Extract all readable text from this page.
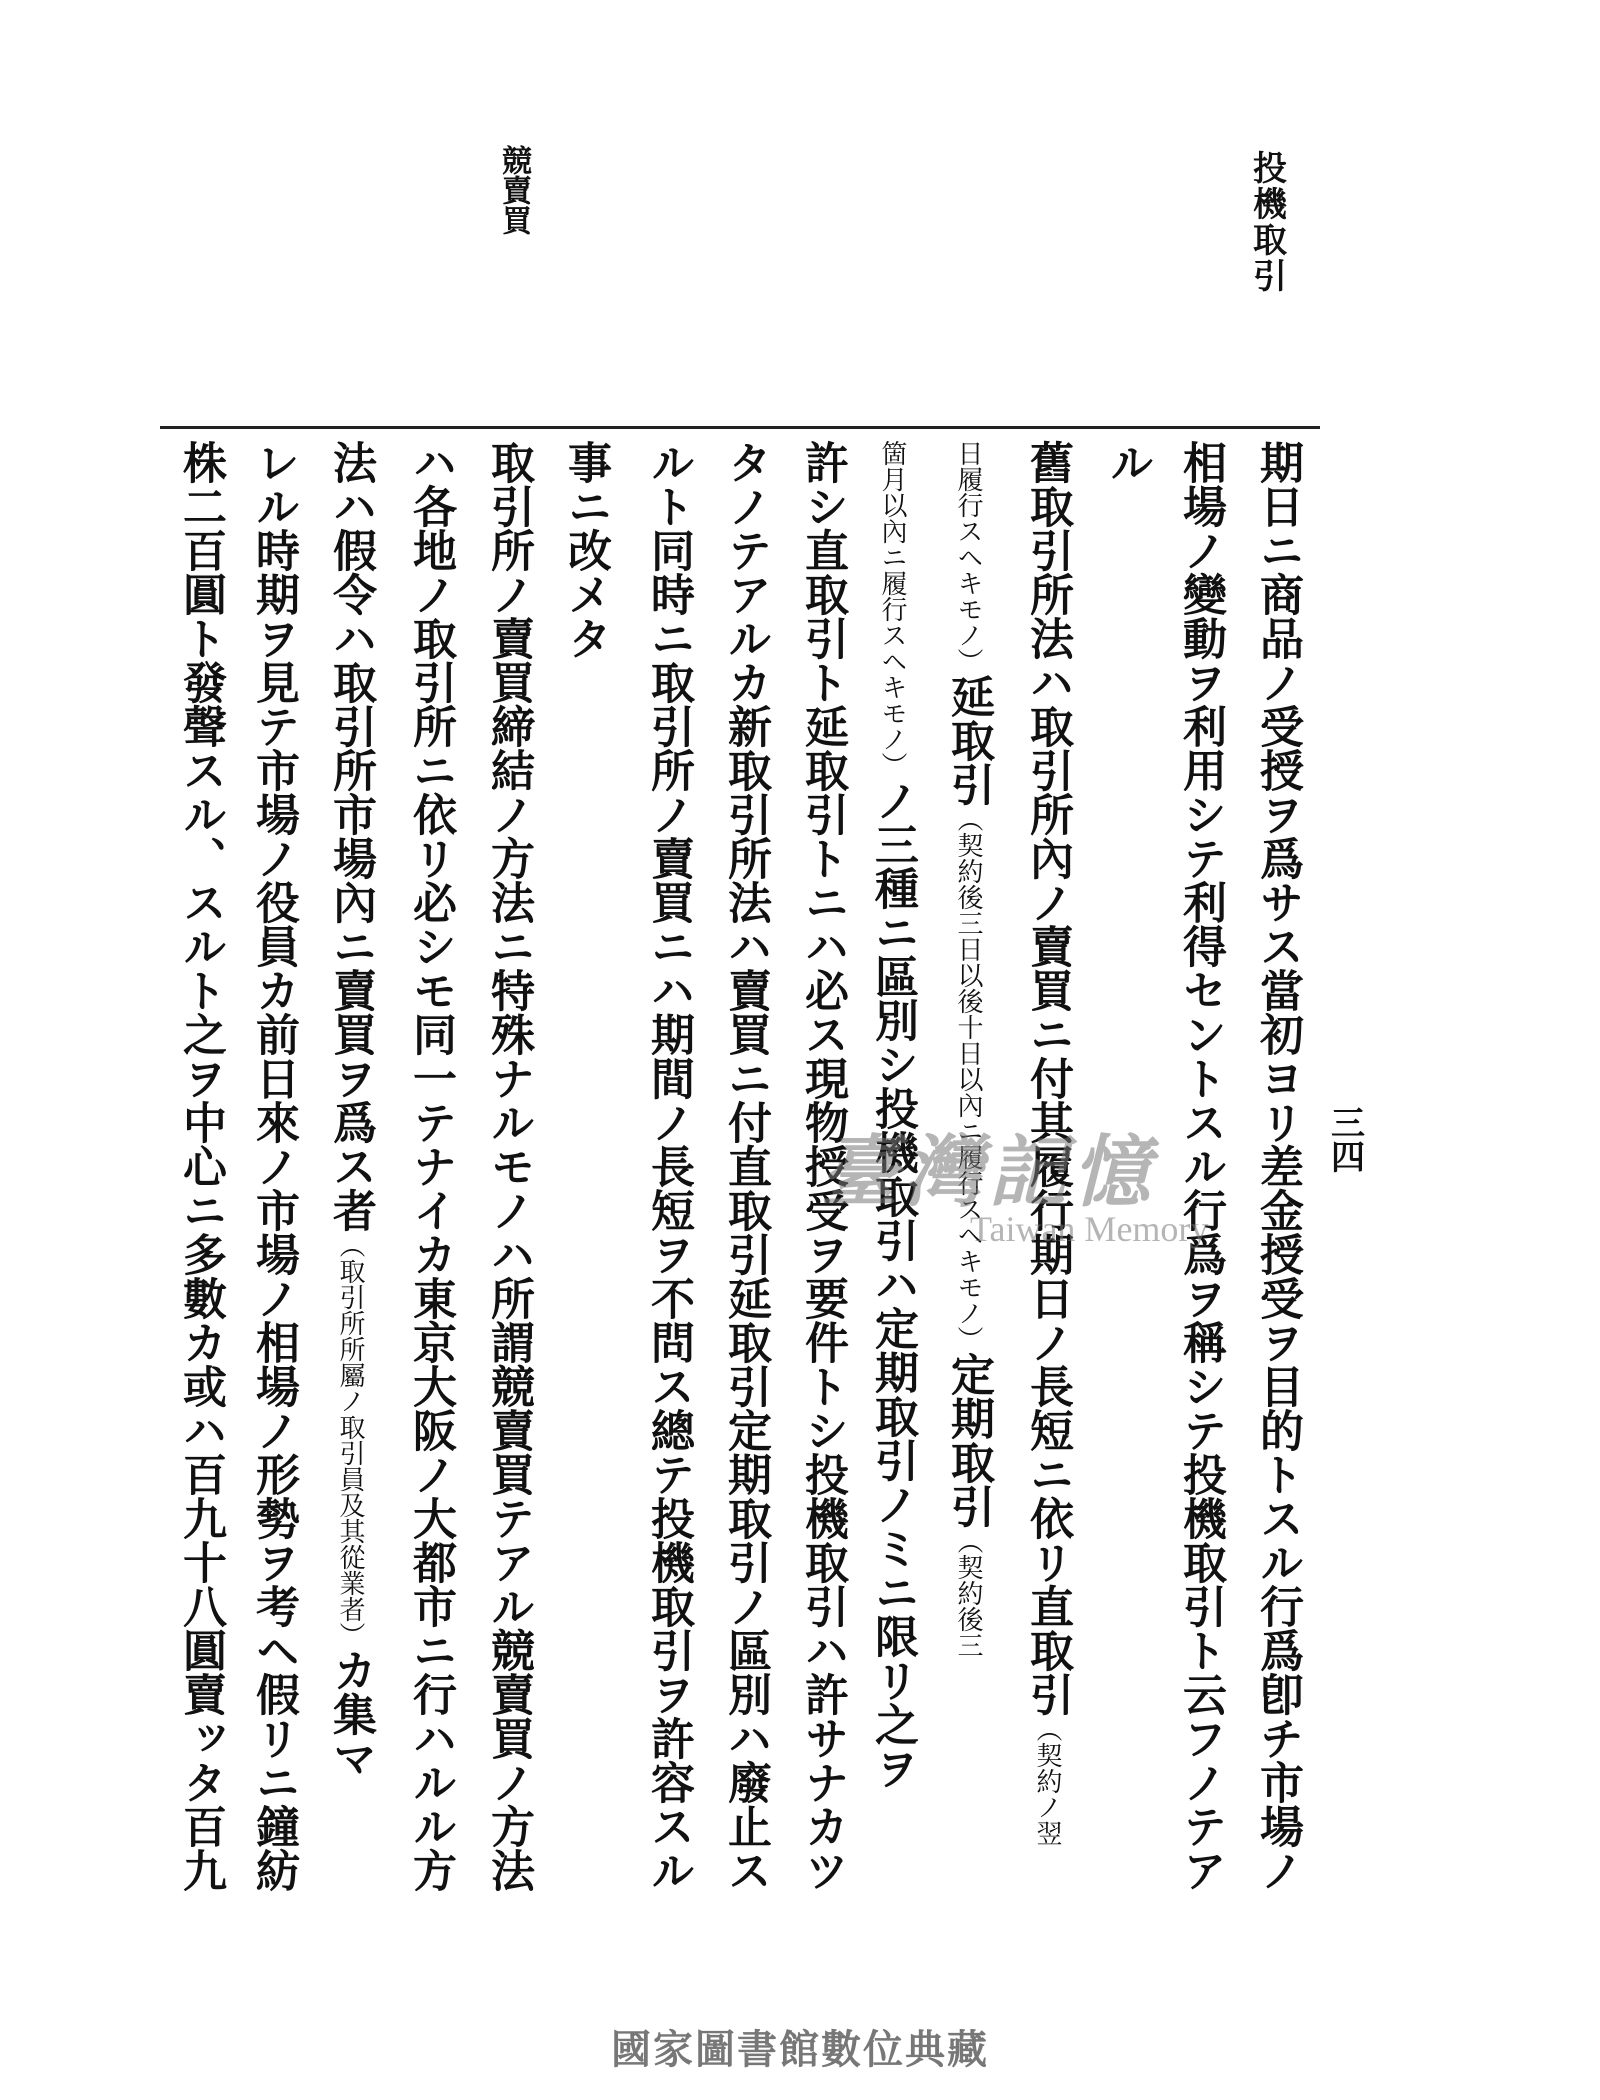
投機取引
競賣買
三四
期日ニ商品ノ受授ヲ爲サス當初ヨリ差金授受ヲ目的トスル行爲卽チ市場ノ
相場ノ變動ヲ利用シテ利得セントスル行爲ヲ稱シテ投機取引ト云フノテア
ル
舊取引所法ハ取引所內ノ賣買ニ付其履行期日ノ長短ニ依リ直取引（契約ノ翌
日履行スヘキモノ）延取引（契約後三日以後十日以內ニ履行スヘキモノ）定期取引（契約後三
箇月以內ニ履行スヘキモノ）ノ三種ニ區別シ投機取引ハ定期取引ノミニ限リ之ヲ
許シ直取引ト延取引トニハ必ス現物授受ヲ要件トシ投機取引ハ許サナカツ
タノテアルカ新取引所法ハ賣買ニ付直取引延取引定期取引ノ區別ハ廢止ス
ルト同時ニ取引所ノ賣買ニハ期間ノ長短ヲ不問ス總テ投機取引ヲ許容スル
事ニ改メタ
取引所ノ賣買締結ノ方法ニ特殊ナルモノハ所謂競賣買テアル競賣買ノ方法
ハ各地ノ取引所ニ依リ必シモ同一テナイカ東京大阪ノ大都市ニ行ハルル方
法ハ假令ハ取引所市場內ニ賣買ヲ爲ス者（取引所所屬ノ取引員及其從業者）カ集マ
レル時期ヲ見テ市場ノ役員カ前日來ノ市場ノ相場ノ形勢ヲ考ヘ假リニ鐘紡
株二百圓ト發聲スル、スルト之ヲ中心ニ多數カ或ハ百九十八圓賣ッタ百九	臺灣記憶
Taiwan Memory
國家圖書館數位典藏
